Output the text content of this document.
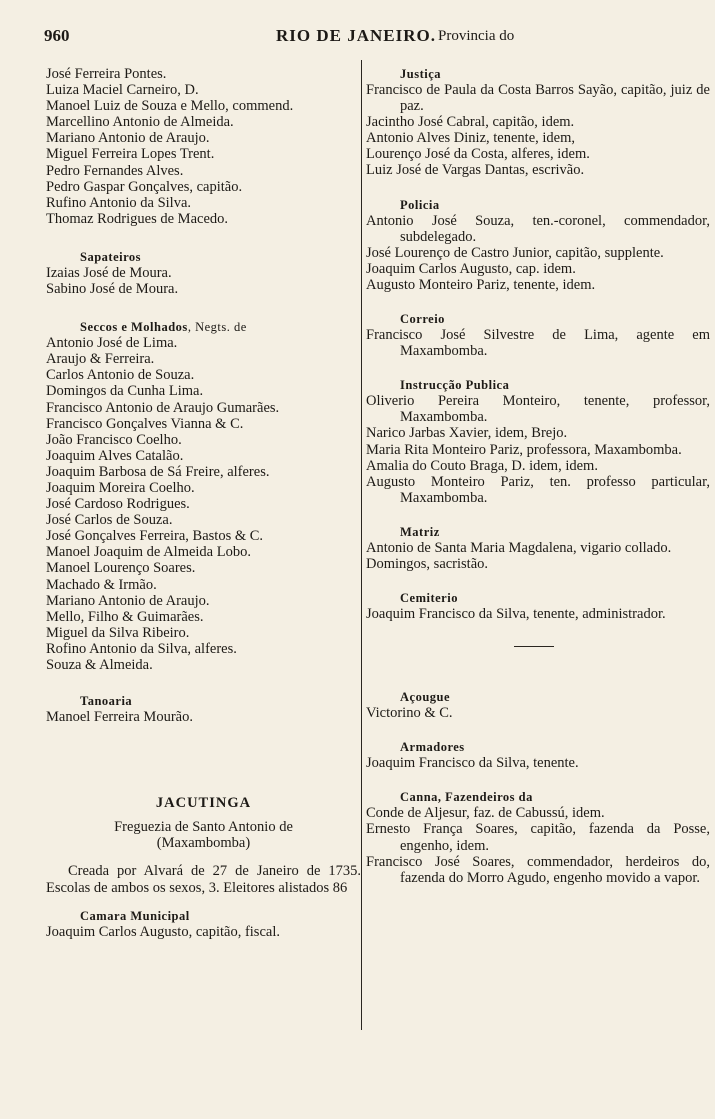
960	RIO DE JANEIRO. Provincia do
José Ferreira Pontes.
Luiza Maciel Carneiro, D.
Manoel Luiz de Souza e Mello, commend.
Marcellino Antonio de Almeida.
Mariano Antonio de Araujo.
Miguel Ferreira Lopes Trent.
Pedro Fernandes Alves.
Pedro Gaspar Gonçalves, capitão.
Rufino Antonio da Silva.
Thomaz Rodrigues de Macedo.
Sapateiros
Izaias José de Moura.
Sabino José de Moura.
Seccos e Molhados, Negts. de
Antonio José de Lima.
Araujo & Ferreira.
Carlos Antonio de Souza.
Domingos da Cunha Lima.
Francisco Antonio de Araujo Gumarães.
Francisco Gonçalves Vianna & C.
João Francisco Coelho.
Joaquim Alves Catalão.
Joaquim Barbosa de Sá Freire, alferes.
Joaquim Moreira Coelho.
José Cardoso Rodrigues.
José Carlos de Souza.
José Gonçalves Ferreira, Bastos & C.
Manoel Joaquim de Almeida Lobo.
Manoel Lourenço Soares.
Machado & Irmão.
Mariano Antonio de Araujo.
Mello, Filho & Guimarães.
Miguel da Silva Ribeiro.
Rofino Antonio da Silva, alferes.
Souza & Almeida.
Tanoaria
Manoel Ferreira Mourão.
JACUTINGA
Freguezia de Santo Antonio de
(Maxambomba)
Creada por Alvará de 27 de Janeiro de 1735. Escolas de ambos os sexos, 3. Eleitores alistados 86
Camara Municipal
Joaquim Carlos Augusto, capitão, fiscal.
Justiça
Francisco de Paula da Costa Barros Sayão, capitão, juiz de paz.
Jacintho José Cabral, capitão, idem.
Antonio Alves Diniz, tenente, idem,
Lourenço José da Costa, alferes, idem.
Luiz José de Vargas Dantas, escrivão.
Policia
Antonio José Souza, ten.-coronel, commendador, subdelegado.
José Lourenço de Castro Junior, capitão, supplente.
Joaquim Carlos Augusto, cap. idem.
Augusto Monteiro Pariz, tenente, idem.
Correio
Francisco José Silvestre de Lima, agente em Maxambomba.
Instrucção Publica
Oliverio Pereira Monteiro, tenente, professor, Maxambomba.
Narico Jarbas Xavier, idem, Brejo.
Maria Rita Monteiro Pariz, professora, Maxambomba.
Amalia do Couto Braga, D. idem, idem.
Augusto Monteiro Pariz, ten. professo particular, Maxambomba.
Matriz
Antonio de Santa Maria Magdalena, vigario collado.
Domingos, sacristão.
Cemiterio
Joaquim Francisco da Silva, tenente, administrador.
Açougue
Victorino & C.
Armadores
Joaquim Francisco da Silva, tenente.
Canna, Fazendeiros da
Conde de Aljesur, faz. de Cabussú, idem.
Ernesto França Soares, capitão, fazenda da Posse, engenho, idem.
Francisco José Soares, commendador, herdeiros do, fazenda do Morro Agudo, engenho movido a vapor.
